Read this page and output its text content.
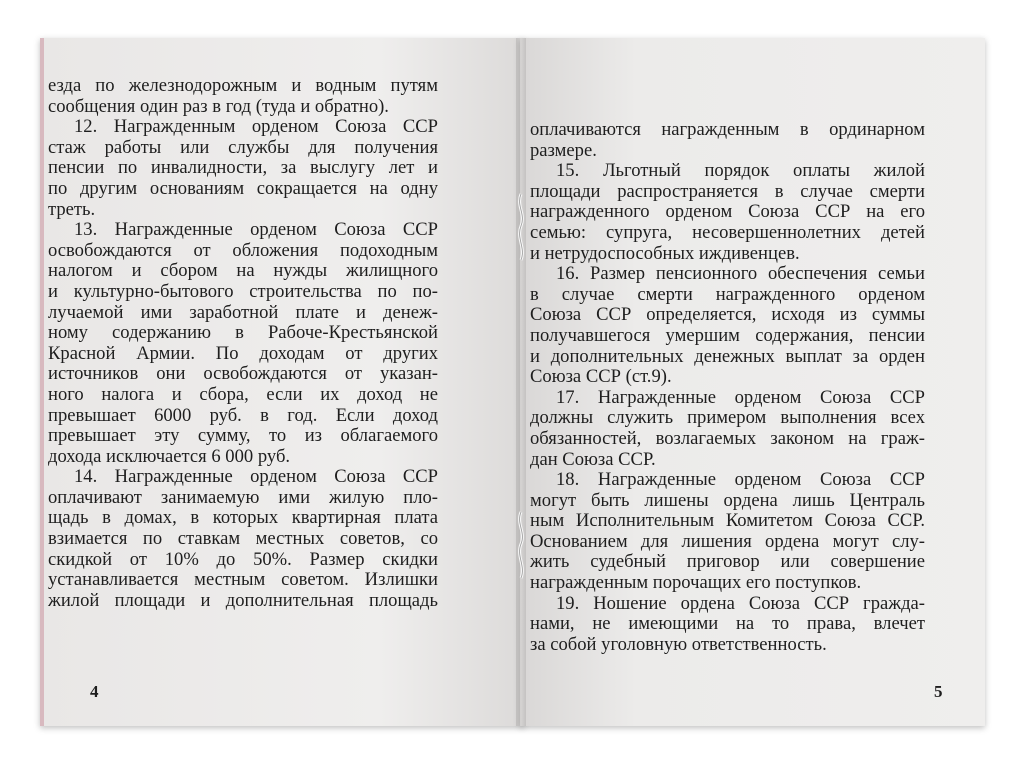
езда по железнодорожным и водным путям
сообщения один раз в год (туда и обратно).
12. Награжденным орденом Союза ССР
стаж работы или службы для получения
пенсии по инвалидности, за выслугу лет и
по другим основаниям сокращается на одну
треть.
13. Награжденные орденом Союза ССР
освобождаются от обложения подоходным
налогом и сбором на нужды жилищного
и культурно-бытового строительства по по-
лучаемой ими заработной плате и денеж-
ному содержанию в Рабоче-Крестьянской
Красной Армии. По доходам от других
источников они освобождаются от указан-
ного налога и сбора, если их доход не
превышает 6000 руб. в год. Если доход
превышает эту сумму, то из облагаемого
дохода исключается 6 000 руб.
14. Награжденные орденом Союза ССР
оплачивают занимаемую ими жилую пло-
щадь в домах, в которых квартирная плата
взимается по ставкам местных советов, со
скидкой от 10% до 50%. Размер скидки
устанавливается местным советом. Излишки
жилой площади и дополнительная площадь
оплачиваются награжденным в ординарном
размере.
15. Льготный порядок оплаты жилой
площади распространяется в случае смерти
награжденного орденом Союза ССР на его
семью: супруга, несовершеннолетних детей
и нетрудоспособных иждивенцев.
16. Размер пенсионного обеспечения семьи
в случае смерти награжденного орденом
Союза ССР определяется, исходя из суммы
получавшегося умершим содержания, пенсии
и дополнительных денежных выплат за орден
Союза ССР (ст.9).
17. Награжденные орденом Союза ССР
должны служить примером выполнения всех
обязанностей, возлагаемых законом на граж-
дан Союза ССР.
18. Награжденные орденом Союза ССР
могут быть лишены ордена лишь Централь
ным Исполнительным Комитетом Союза ССР.
Основанием для лишения ордена могут слу-
жить судебный приговор или совершение
награжденным порочащих его поступков.
19. Ношение ордена Союза ССР гражда-
нами, не имеющими на то права, влечет
за собой уголовную ответственность.
4	5
